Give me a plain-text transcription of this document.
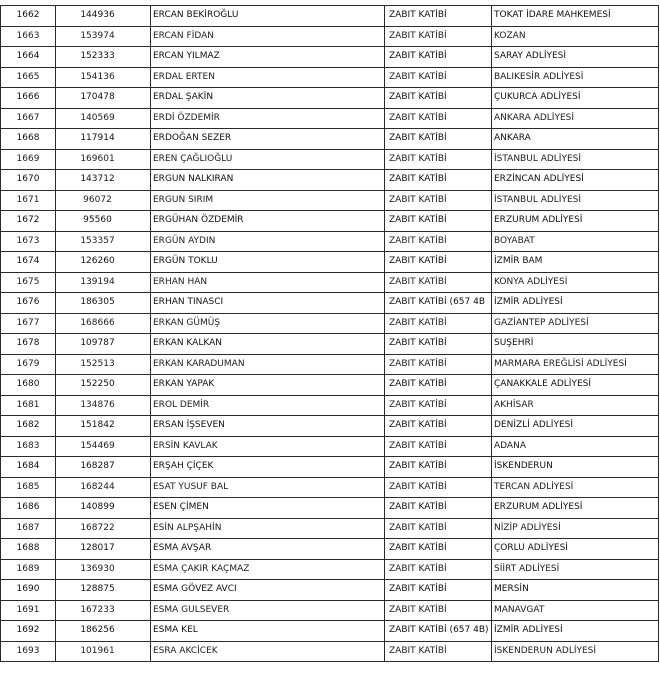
1662	144936	ERCAN BEKİROĞLU	ZABIT KATİBİ	TOKAT İDARE MAHKEMESİ
1663	153974	ERCAN FİDAN	ZABIT KATİBİ	KOZAN
1664	152333	ERCAN YILMAZ	ZABIT KATİBİ	SARAY ADLİYESİ
1665	154136	ERDAL ERTEN	ZABIT KATİBİ	BALIKESİR ADLİYESİ
1666	170478	ERDAL ŞAKİN	ZABIT KATİBİ	ÇUKURCA ADLİYESİ
1667	140569	ERDİ ÖZDEMİR	ZABIT KATİBİ	ANKARA ADLİYESİ
1668	117914	ERDOĞAN SEZER	ZABIT KATİBİ	ANKARA
1669	169601	EREN ÇAĞLIOĞLU	ZABIT KATİBİ	İSTANBUL ADLİYESİ
1670	143712	ERGUN NALKIRAN	ZABIT KATİBİ	ERZİNCAN ADLİYESİ
1671	96072	ERGUN SIRIM	ZABIT KATİBİ	İSTANBUL ADLİYESİ
1672	95560	ERGÜHAN ÖZDEMİR	ZABIT KATİBİ	ERZURUM ADLİYESİ
1673	153357	ERGÜN AYDIN	ZABIT KATİBİ	BOYABAT
1674	126260	ERGÜN TOKLU	ZABIT KATİBİ	İZMİR BAM
1675	139194	ERHAN HAN	ZABIT KATİBİ	KONYA ADLİYESİ
1676	186305	ERHAN TINASCI	ZABIT KATİBİ (657 4B	İZMİR ADLİYESİ
1677	168666	ERKAN GÜMÜŞ	ZABIT KATİBİ	GAZİANTEP ADLİYESİ
1678	109787	ERKAN KALKAN	ZABIT KATİBİ	SUŞEHRİ
1679	152513	ERKAN KARADUMAN	ZABIT KATİBİ	MARMARA EREĞLİSİ ADLİYESİ
1680	152250	ERKAN YAPAK	ZABIT KATİBİ	ÇANAKKALE ADLİYESİ
1681	134876	EROL DEMİR	ZABIT KATİBİ	AKHİSAR
1682	151842	ERSAN İŞSEVEN	ZABIT KATİBİ	DENİZLİ ADLİYESİ
1683	154469	ERSİN KAVLAK	ZABIT KATİBİ	ADANA
1684	168287	ERŞAH ÇİÇEK	ZABIT KATİBİ	İSKENDERUN
1685	168244	ESAT YUSUF BAL	ZABIT KATİBİ	TERCAN ADLİYESİ
1686	140899	ESEN ÇİMEN	ZABIT KATİBİ	ERZURUM ADLİYESİ
1687	168722	ESİN ALPŞAHİN	ZABIT KATİBİ	NİZİP ADLİYESİ
1688	128017	ESMA AVŞAR	ZABIT KATİBİ	ÇORLU ADLİYESİ
1689	136930	ESMA ÇAKIR KAÇMAZ	ZABIT KATİBİ	SİİRT ADLİYESİ
1690	128875	ESMA GÖVEZ AVCI	ZABIT KATİBİ	MERSİN
1691	167233	ESMA GULSEVER	ZABIT KATİBİ	MANAVGAT
1692	186256	ESMA KEL	ZABIT KATİBİ (657 4B)	İZMİR ADLİYESİ
1693	101961	ESRA AKCİCEK	ZABIT KATİBİ	İSKENDERUN ADLİYESİ
